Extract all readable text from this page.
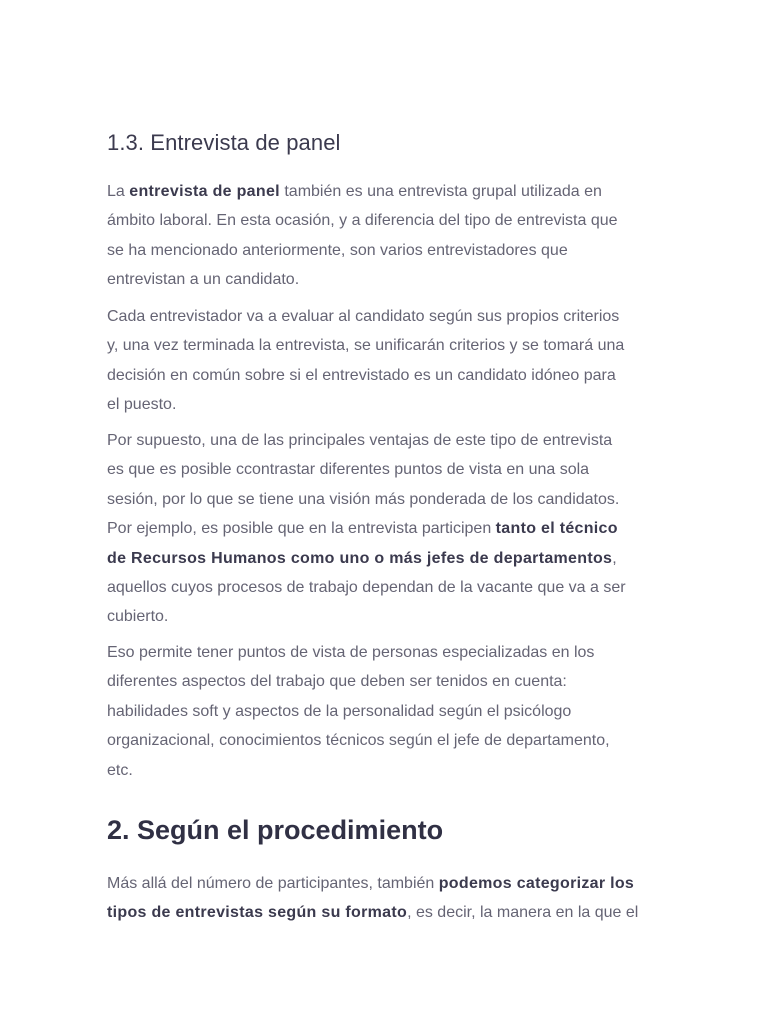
1.3. Entrevista de panel

La entrevista de panel también es una entrevista grupal utilizada en
ámbito laboral. En esta ocasión, y a diferencia del tipo de entrevista que
se ha mencionado anteriormente, son varios entrevistadores que
entrevistan a un candidato.

Cada entrevistador va a evaluar al candidato según sus propios criterios
y, una vez terminada la entrevista, se unificarán criterios y se tomará una
decisión en común sobre si el entrevistado es un candidato idóneo para
el puesto.

Por supuesto, una de las principales ventajas de este tipo de entrevista
es que es posible ccontrastar diferentes puntos de vista en una sola
sesión, por lo que se tiene una visión más ponderada de los candidatos.
Por ejemplo, es posible que en la entrevista participen tanto el técnico
de Recursos Humanos como uno o más jefes de departamentos,
aquellos cuyos procesos de trabajo dependan de la vacante que va a ser
cubierto.

Eso permite tener puntos de vista de personas especializadas en los
diferentes aspectos del trabajo que deben ser tenidos en cuenta:
habilidades soft y aspectos de la personalidad según el psicólogo
organizacional, conocimientos técnicos según el jefe de departamento,
etc.

2. Según el procedimiento

Más allá del número de participantes, también podemos categorizar los
tipos de entrevistas según su formato, es decir, la manera en la que el
